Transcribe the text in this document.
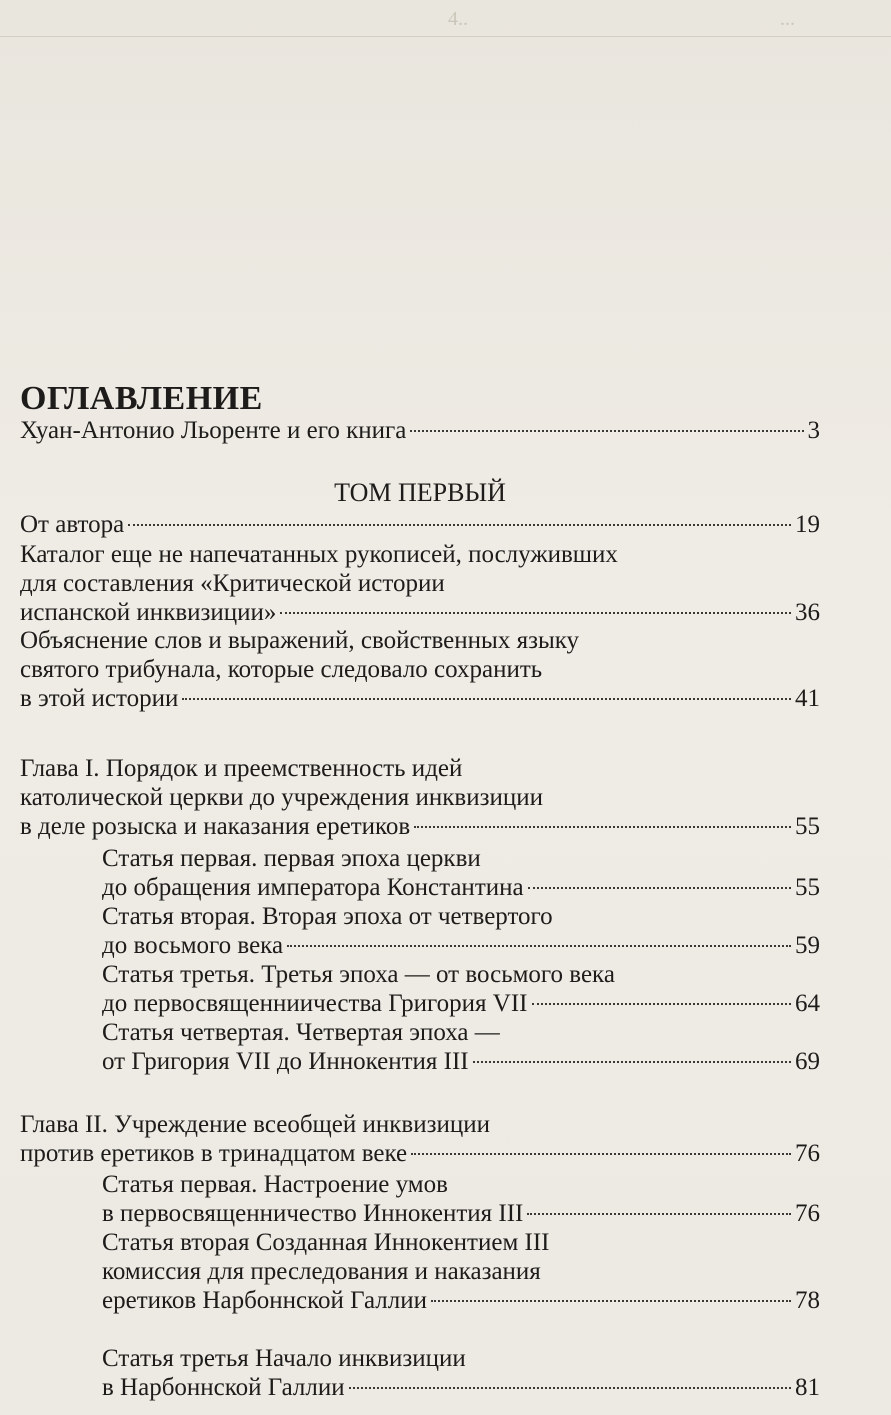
4..	...
ОГЛАВЛЕНИЕ
Хуан-Антонио Льоренте и его книга	3
От автора	19
Каталог еще не напечатанных рукописей, послуживших
для составления «Критической истории
испанской инквизиции»	36
Объяснение слов и выражений, свойственных языку
святого трибунала, которые следовало сохранить
в этой истории	41
Глава I. Порядок и преемственность идей
католической церкви до учреждения инквизиции
в деле розыска и наказания еретиков	55
Статья первая. первая эпоха церкви
до обращения императора Константина	55
Статья вторая. Вторая эпоха от четвертого
до восьмого века	59
Статья третья. Третья эпоха — от восьмого века
до первосвященниичества Григория VII	64
Статья четвертая. Четвертая эпоха —
от Григория VII до Иннокентия III	69
Глава II. Учреждение всеобщей инквизиции
против еретиков в тринадцатом веке	76
Статья первая. Настроение умов
в первосвященничество Иннокентия III	76
Статья вторая Созданная Иннокентием III
комиссия для преследования и наказания
еретиков Нарбоннской Галлии	78
Статья третья Начало инквизиции
в Нарбоннской Галлии	81
ТОМ ПЕРВЫЙ
